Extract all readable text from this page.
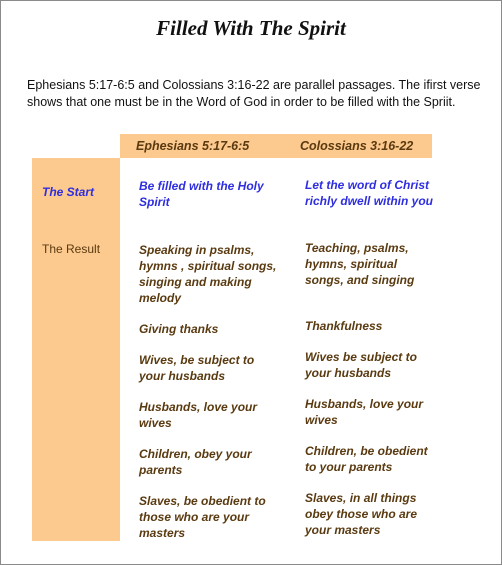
Filled With The Spirit
Ephesians 5:17-6:5 and Colossians 3:16-22 are parallel passages. The ifirst verse shows that one must be in the Word of God in order to be filled with the Spriit.
Ephesians 5:17-6:5	Colossians 3:16-22
The Start
The Result
Be filled with the Holy Spirit
Let the word of Christ richly dwell within you
Speaking in psalms, hymns , spiritual songs, singing and making melody
Teaching, psalms, hymns, spiritual songs, and singing
Giving thanks	Thankfulness
Wives, be subject to your husbands
Wives be subject to your husbands
Husbands, love your wives
Husbands, love your wives
Children, obey your parents
Children, be obedient to your parents
Slaves, be obedient to those who are your masters
Slaves, in all things obey those who are your masters
